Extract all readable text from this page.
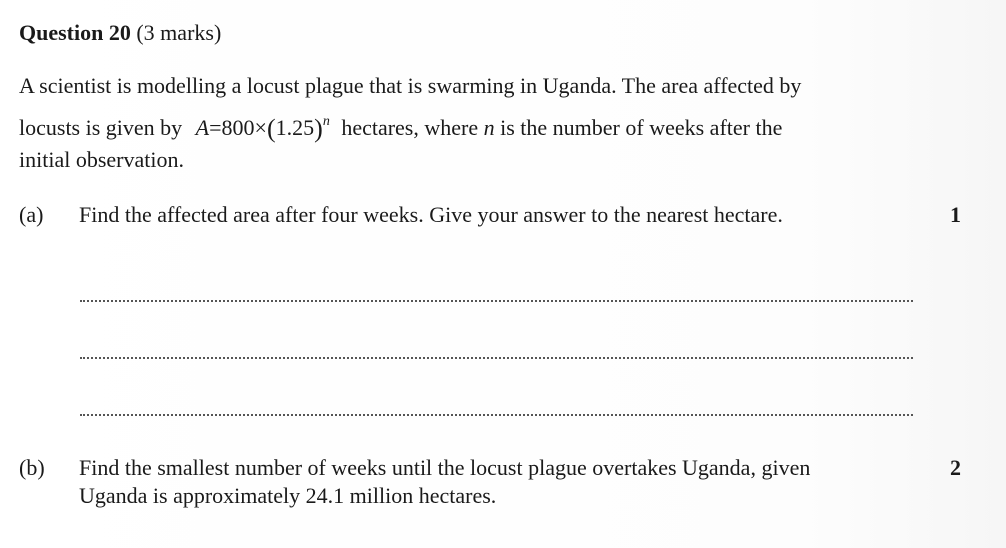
Question 20 (3 marks)
A scientist is modelling a locust plague that is swarming in Uganda. The area affected by
locusts is given by $A=800\times(1.25)^n$ hectares, where n is the number of weeks after the
initial observation.
(a) Find the affected area after four weeks. Give your answer to the nearest hectare.	1
(b) Find the smallest number of weeks until the locust plague overtakes Uganda, given
Uganda is approximately 24.1 million hectares.
2
